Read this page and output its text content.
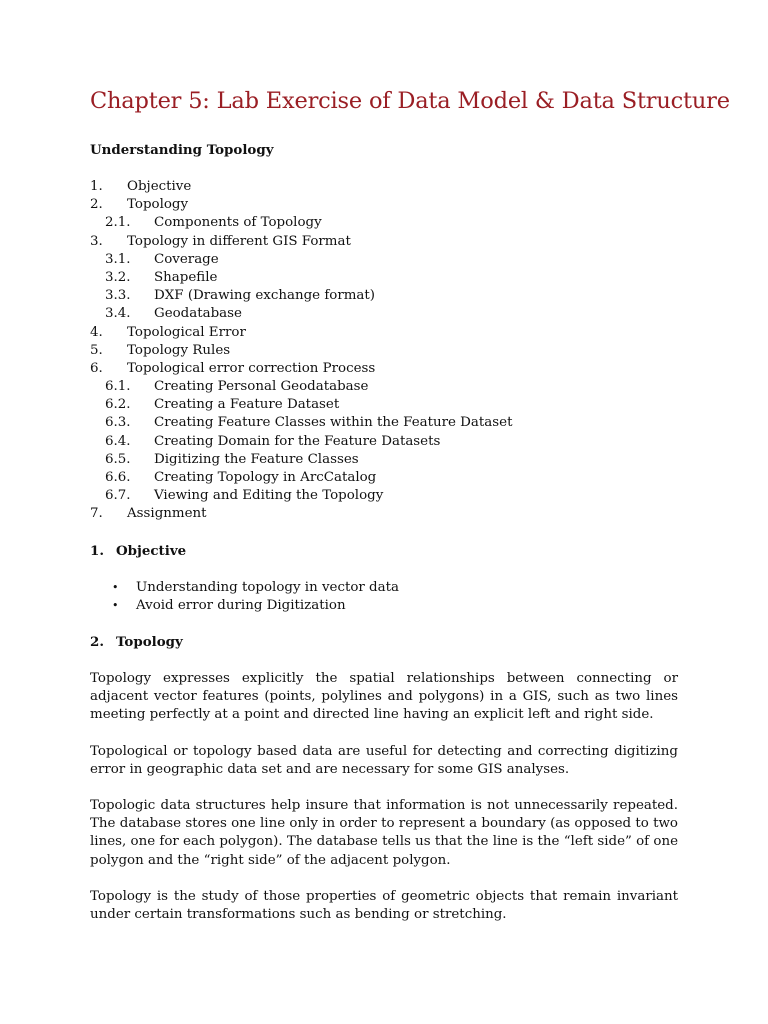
Chapter 5: Lab Exercise of Data Model & Data Structure
Understanding Topology
1. Objective
2. Topology
2.1. Components of Topology
3. Topology in different GIS Format
3.1. Coverage
3.2. Shapefile
3.3. DXF (Drawing exchange format)
3.4. Geodatabase
4. Topological Error
5. Topology Rules
6. Topological error correction Process
6.1. Creating Personal Geodatabase
6.2. Creating a Feature Dataset
6.3. Creating Feature Classes within the Feature Dataset
6.4. Creating Domain for the Feature Datasets
6.5. Digitizing the Feature Classes
6.6. Creating Topology in ArcCatalog
6.7. Viewing and Editing the Topology
7. Assignment
1. Objective
• Understanding topology in vector data
• Avoid error during Digitization
2. Topology

Topology expresses explicitly the spatial relationships between connecting or adjacent vector features (points, polylines and polygons) in a GIS, such as two lines meeting perfectly at a point and directed line having an explicit left and right side.

Topological or topology based data are useful for detecting and correcting digitizing error in geographic data set and are necessary for some GIS analyses.

Topologic data structures help insure that information is not unnecessarily repeated. The database stores one line only in order to represent a boundary (as opposed to two lines, one for each polygon). The database tells us that the line is the “left side” of one polygon and the “right side” of the adjacent polygon.

Topology is the study of those properties of geometric objects that remain invariant under certain transformations such as bending or stretching.
